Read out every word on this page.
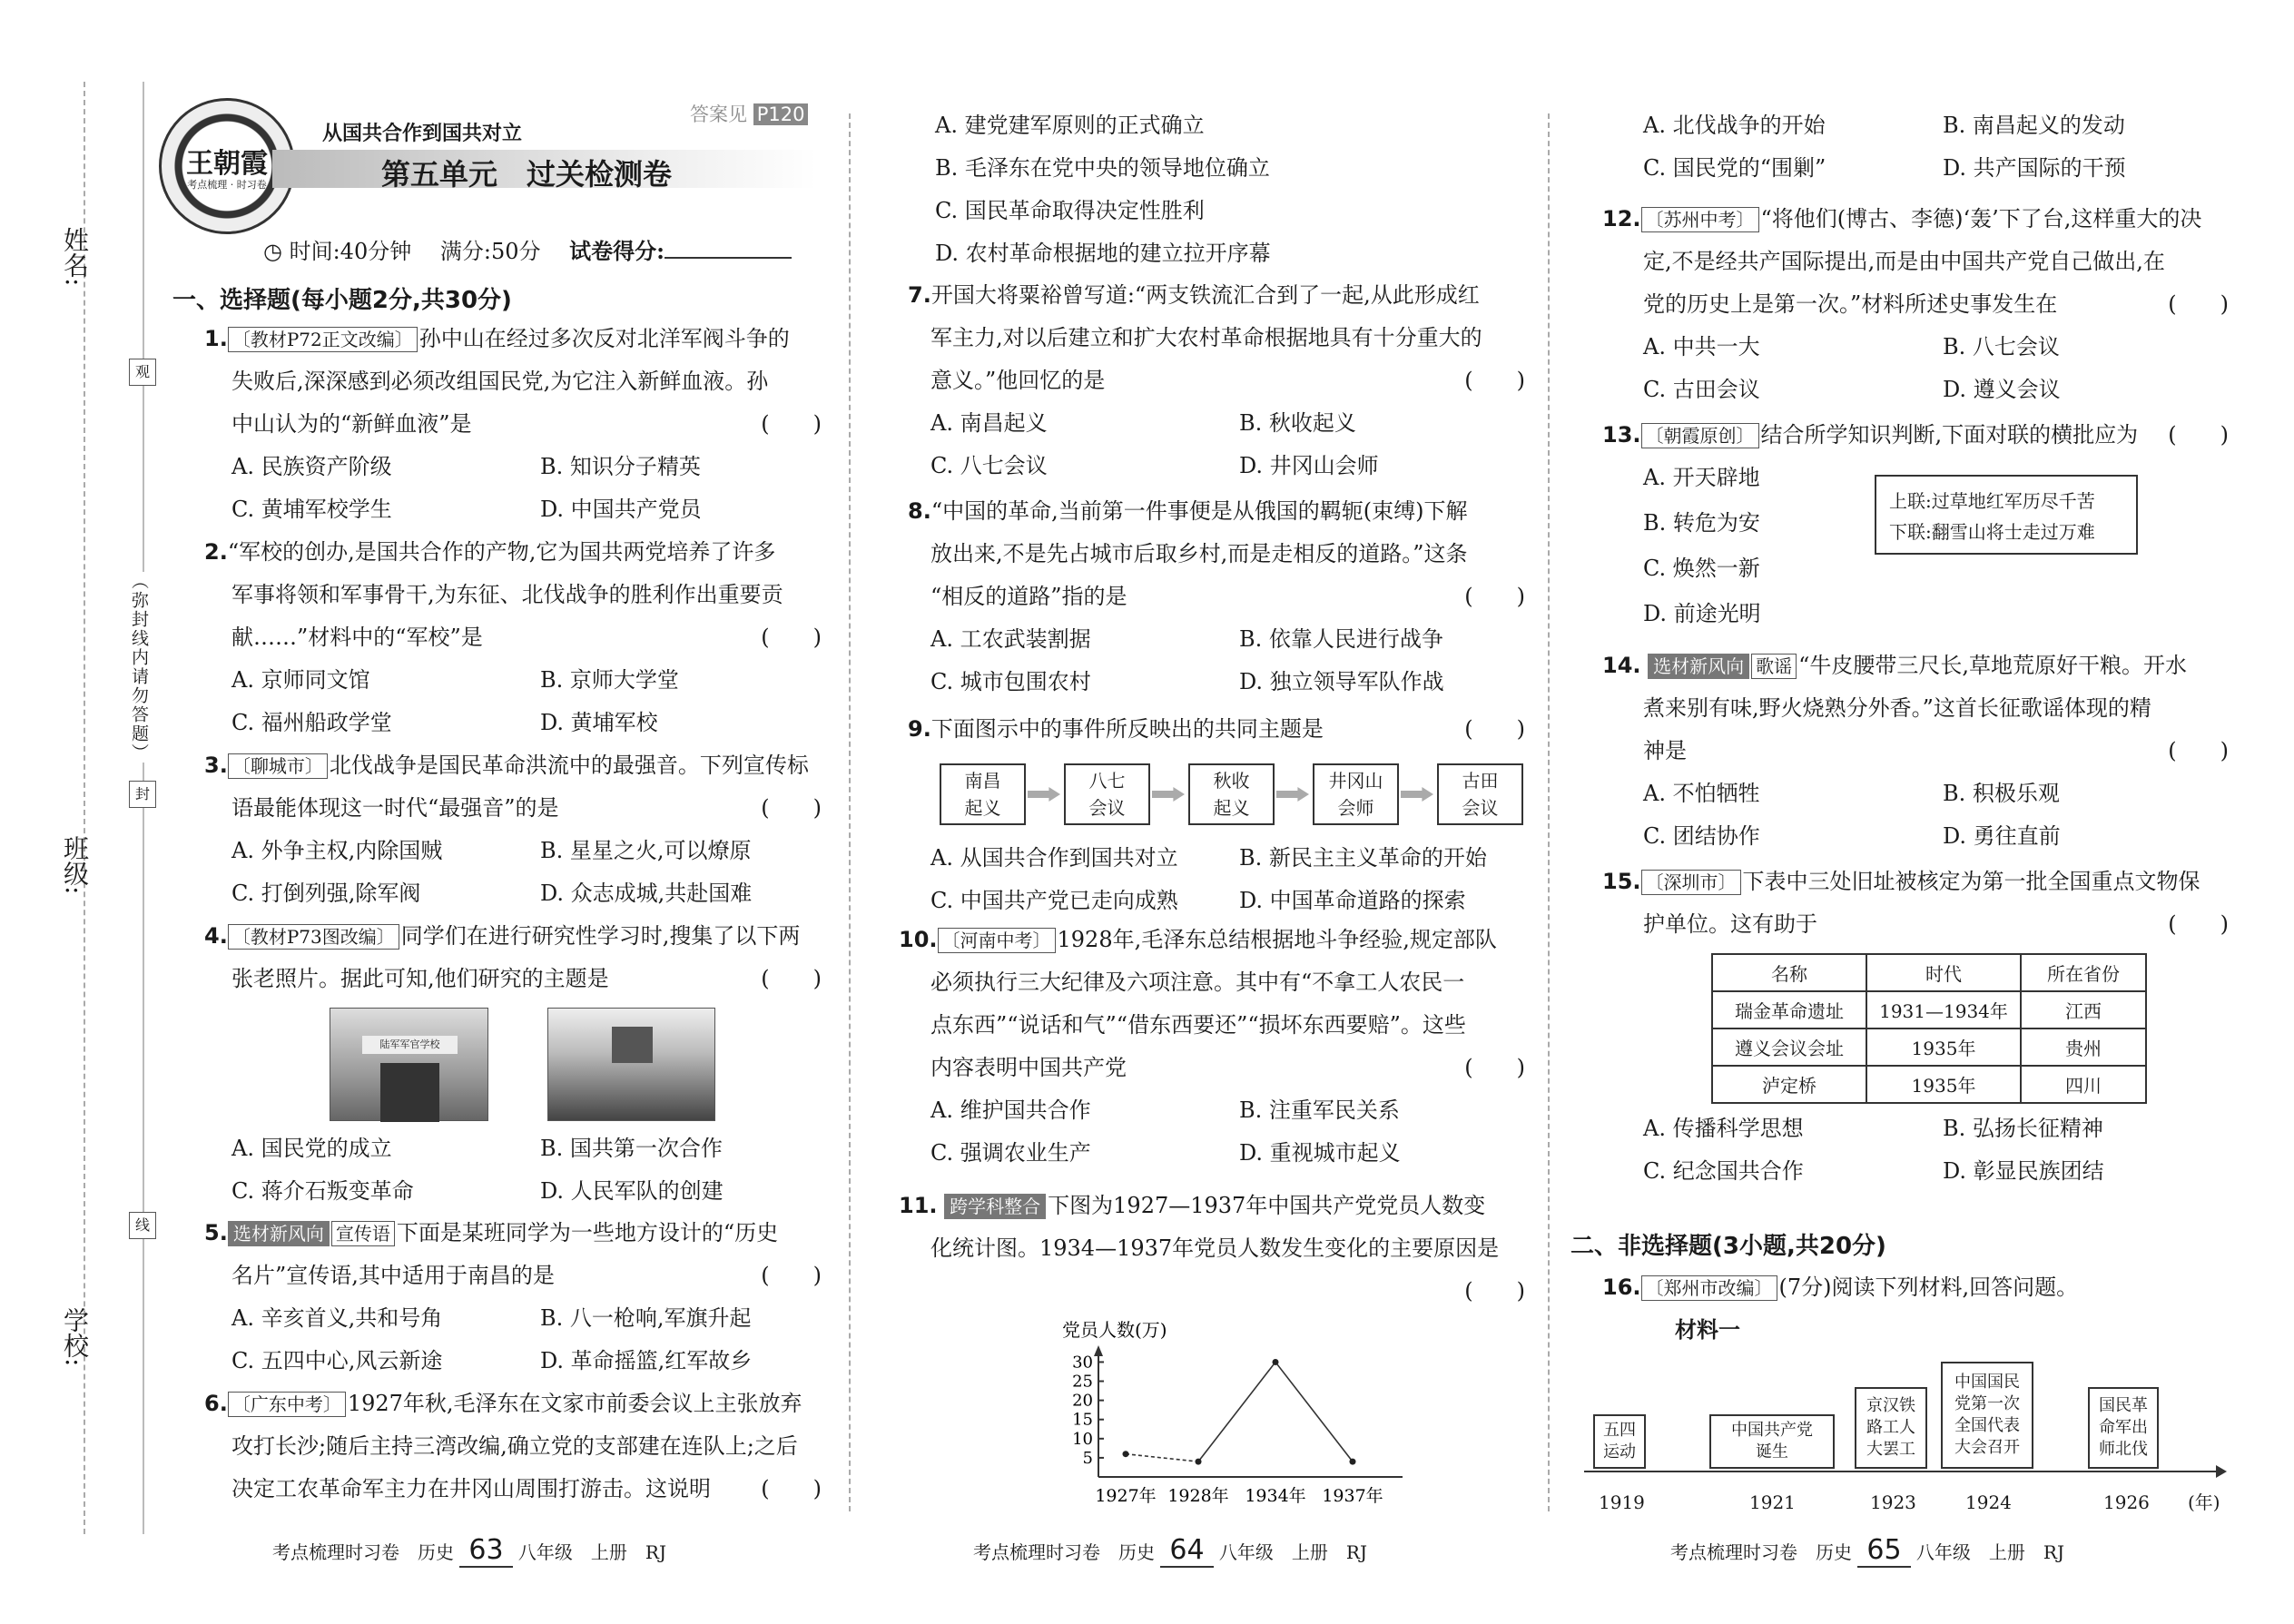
姓名:
班级:
学校:
观
封
线
（弥封线内请勿答题）
王朝霞
考点梳理 · 时习卷
从国共合作到国共对立
第五单元　过关检测卷
答案见 P120
◷ 时间:40分钟　 满分:50分　 试卷得分:
一、选择题(每小题2分,共30分)
1. 〔教材P72正文改编〕 孙中山在经过多次反对北洋军阀斗争的
失败后,深深感到必须改组国民党,为它注入新鲜血液。孙
中山认为的“新鲜血液”是	(　　)
A. 民族资产阶级	B. 知识分子精英
C. 黄埔军校学生	D. 中国共产党员
2.“军校的创办,是国共合作的产物,它为国共两党培养了许多
军事将领和军事骨干,为东征、北伐战争的胜利作出重要贡
献……”材料中的“军校”是	(　　)
A. 京师同文馆	B. 京师大学堂
C. 福州船政学堂	D. 黄埔军校
3. 〔聊城市〕 北伐战争是国民革命洪流中的最强音。下列宣传标
语最能体现这一时代“最强音”的是	(　　)
A. 外争主权,内除国贼	B. 星星之火,可以燎原
C. 打倒列强,除军阀	D. 众志成城,共赴国难
4. 〔教材P73图改编〕 同学们在进行研究性学习时,搜集了以下两
张老照片。据此可知,他们研究的主题是	(　　)
陆军军官学校
A. 国民党的成立	B. 国共第一次合作
C. 蒋介石叛变革命	D. 人民军队的创建
5. 选材新风向 宣传语 下面是某班同学为一些地方设计的“历史
名片”宣传语,其中适用于南昌的是	(　　)
A. 辛亥首义,共和号角	B. 八一枪响,军旗升起
C. 五四中心,风云新途	D. 革命摇篮,红军故乡
6. 〔广东中考〕 1927年秋,毛泽东在文家市前委会议上主张放弃
攻打长沙;随后主持三湾改编,确立党的支部建在连队上;之后
决定工农革命军主力在井冈山周围打游击。这说明 (　　)
A. 建党建军原则的正式确立
B. 毛泽东在党中央的领导地位确立
C. 国民革命取得决定性胜利
D. 农村革命根据地的建立拉开序幕
7.开国大将粟裕曾写道:“两支铁流汇合到了一起,从此形成红
军主力,对以后建立和扩大农村革命根据地具有十分重大的
意义。”他回忆的是	(　　)
A. 南昌起义	B. 秋收起义
C. 八七会议	D. 井冈山会师
8.“中国的革命,当前第一件事便是从俄国的羁轭(束缚)下解
放出来,不是先占城市后取乡村,而是走相反的道路。”这条
“相反的道路”指的是	(　　)
A. 工农武装割据	B. 依靠人民进行战争
C. 城市包围农村	D. 独立领导军队作战
9.下面图示中的事件所反映出的共同主题是	(　　)
南昌起义
八七会议
秋收起义
井冈山会师
古田会议
A. 从国共合作到国共对立	B. 新民主主义革命的开始
C. 中国共产党已走向成熟	D. 中国革命道路的探索
10. 〔河南中考〕 1928年,毛泽东总结根据地斗争经验,规定部队
必须执行三大纪律及六项注意。其中有“不拿工人农民一
点东西”“说话和气”“借东西要还”“损坏东西要赔”。这些
内容表明中国共产党	(　　)
A. 维护国共合作	B. 注重军民关系
C. 强调农业生产	D. 重视城市起义
11. 跨学科整合 下图为1927—1937年中国共产党党员人数变
化统计图。1934—1937年党员人数发生变化的主要原因是
(　　)
党员人数(万)
5
10
15
20
25
30
1927年 1928年 1934年 1937年
A. 北伐战争的开始	B. 南昌起义的发动
C. 国民党的“围剿”	D. 共产国际的干预
12. 〔苏州中考〕 “将他们(博古、李德)‘轰’下了台,这样重大的决
定,不是经共产国际提出,而是由中国共产党自己做出,在
党的历史上是第一次。”材料所述史事发生在	(　　)
A. 中共一大	B. 八七会议
C. 古田会议	D. 遵义会议
13. 〔朝霞原创〕 结合所学知识判断,下面对联的横批应为 (　　)
A. 开天辟地
B. 转危为安
C. 焕然一新
D. 前途光明
上联:过草地红军历尽千苦
下联:翻雪山将士走过万难
14. 选材新风向 歌谣 “牛皮腰带三尺长,草地荒原好干粮。开水
煮来别有味,野火烧熟分外香。”这首长征歌谣体现的精
神是	(　　)
A. 不怕牺牲	B. 积极乐观
C. 团结协作	D. 勇往直前
15. 〔深圳市〕 下表中三处旧址被核定为第一批全国重点文物保
护单位。这有助于	(　　)
名称	时代	所在省份
瑞金革命遗址	1931—1934年	江西
遵义会议会址	1935年	贵州
泸定桥	1935年	四川
A. 传播科学思想	B. 弘扬长征精神
C. 纪念国共合作	D. 彰显民族团结
二、非选择题(3小题,共20分)
16. 〔郑州市改编〕 (7分)阅读下列材料,回答问题。
材料一
五四运动
中国共产党诞生
京汉铁路工人大罢工
中国国民党第一次全国代表大会召开
国民革命军出师北伐
1919	1921	1923	1924	1926 (年)
考点梳理时习卷　历史 63 八年级　上册　RJ	考点梳理时习卷　历史 64 八年级　上册　RJ	考点梳理时习卷　历史 65 八年级　上册　RJ
